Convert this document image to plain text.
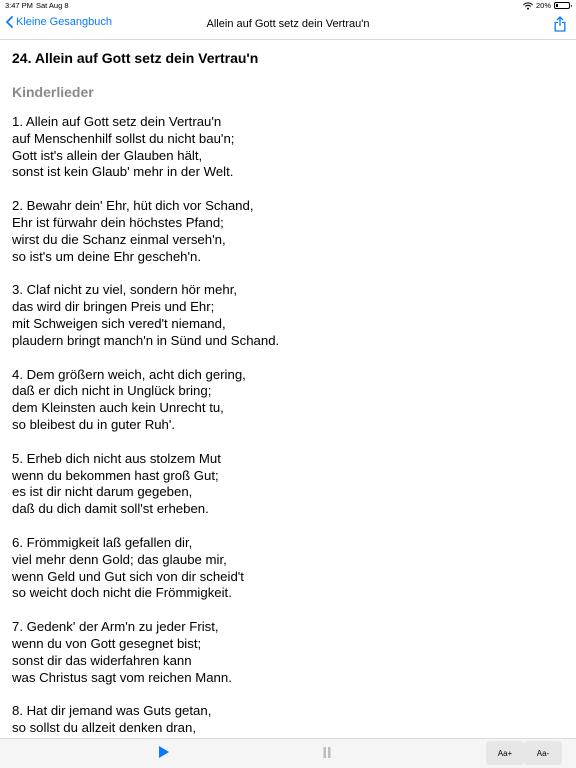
3:47 PM Sat Aug 8	20%
Kleine Gesangbuch	Allein auf Gott setz dein Vertrau'n
24. Allein auf Gott setz dein Vertrau'n
Kinderlieder
1. Allein auf Gott setz dein Vertrau'n
auf Menschenhilf sollst du nicht bau'n;
Gott ist's allein der Glauben hält,
sonst ist kein Glaub' mehr in der Welt.
2. Bewahr dein' Ehr, hüt dich vor Schand,
Ehr ist fürwahr dein höchstes Pfand;
wirst du die Schanz einmal verseh'n,
so ist's um deine Ehr gescheh'n.
3. Claf nicht zu viel, sondern hör mehr,
das wird dir bringen Preis und Ehr;
mit Schweigen sich vered't niemand,
plaudern bringt manch'n in Sünd und Schand.
4. Dem größern weich, acht dich gering,
daß er dich nicht in Unglück bring;
dem Kleinsten auch kein Unrecht tu,
so bleibest du in guter Ruh'.
5. Erheb dich nicht aus stolzem Mut
wenn du bekommen hast groß Gut;
es ist dir nicht darum gegeben,
daß du dich damit soll'st erheben.
6. Frömmigkeit laß gefallen dir,
viel mehr denn Gold; das glaube mir,
wenn Geld und Gut sich von dir scheid't
so weicht doch nicht die Frömmigkeit.
7. Gedenk' der Arm'n zu jeder Frist,
wenn du von Gott gesegnet bist;
sonst dir das widerfahren kann
was Christus sagt vom reichen Mann.
8. Hat dir jemand was Guts getan,
so sollst du allzeit denken dran,
Aa+	Aa-
